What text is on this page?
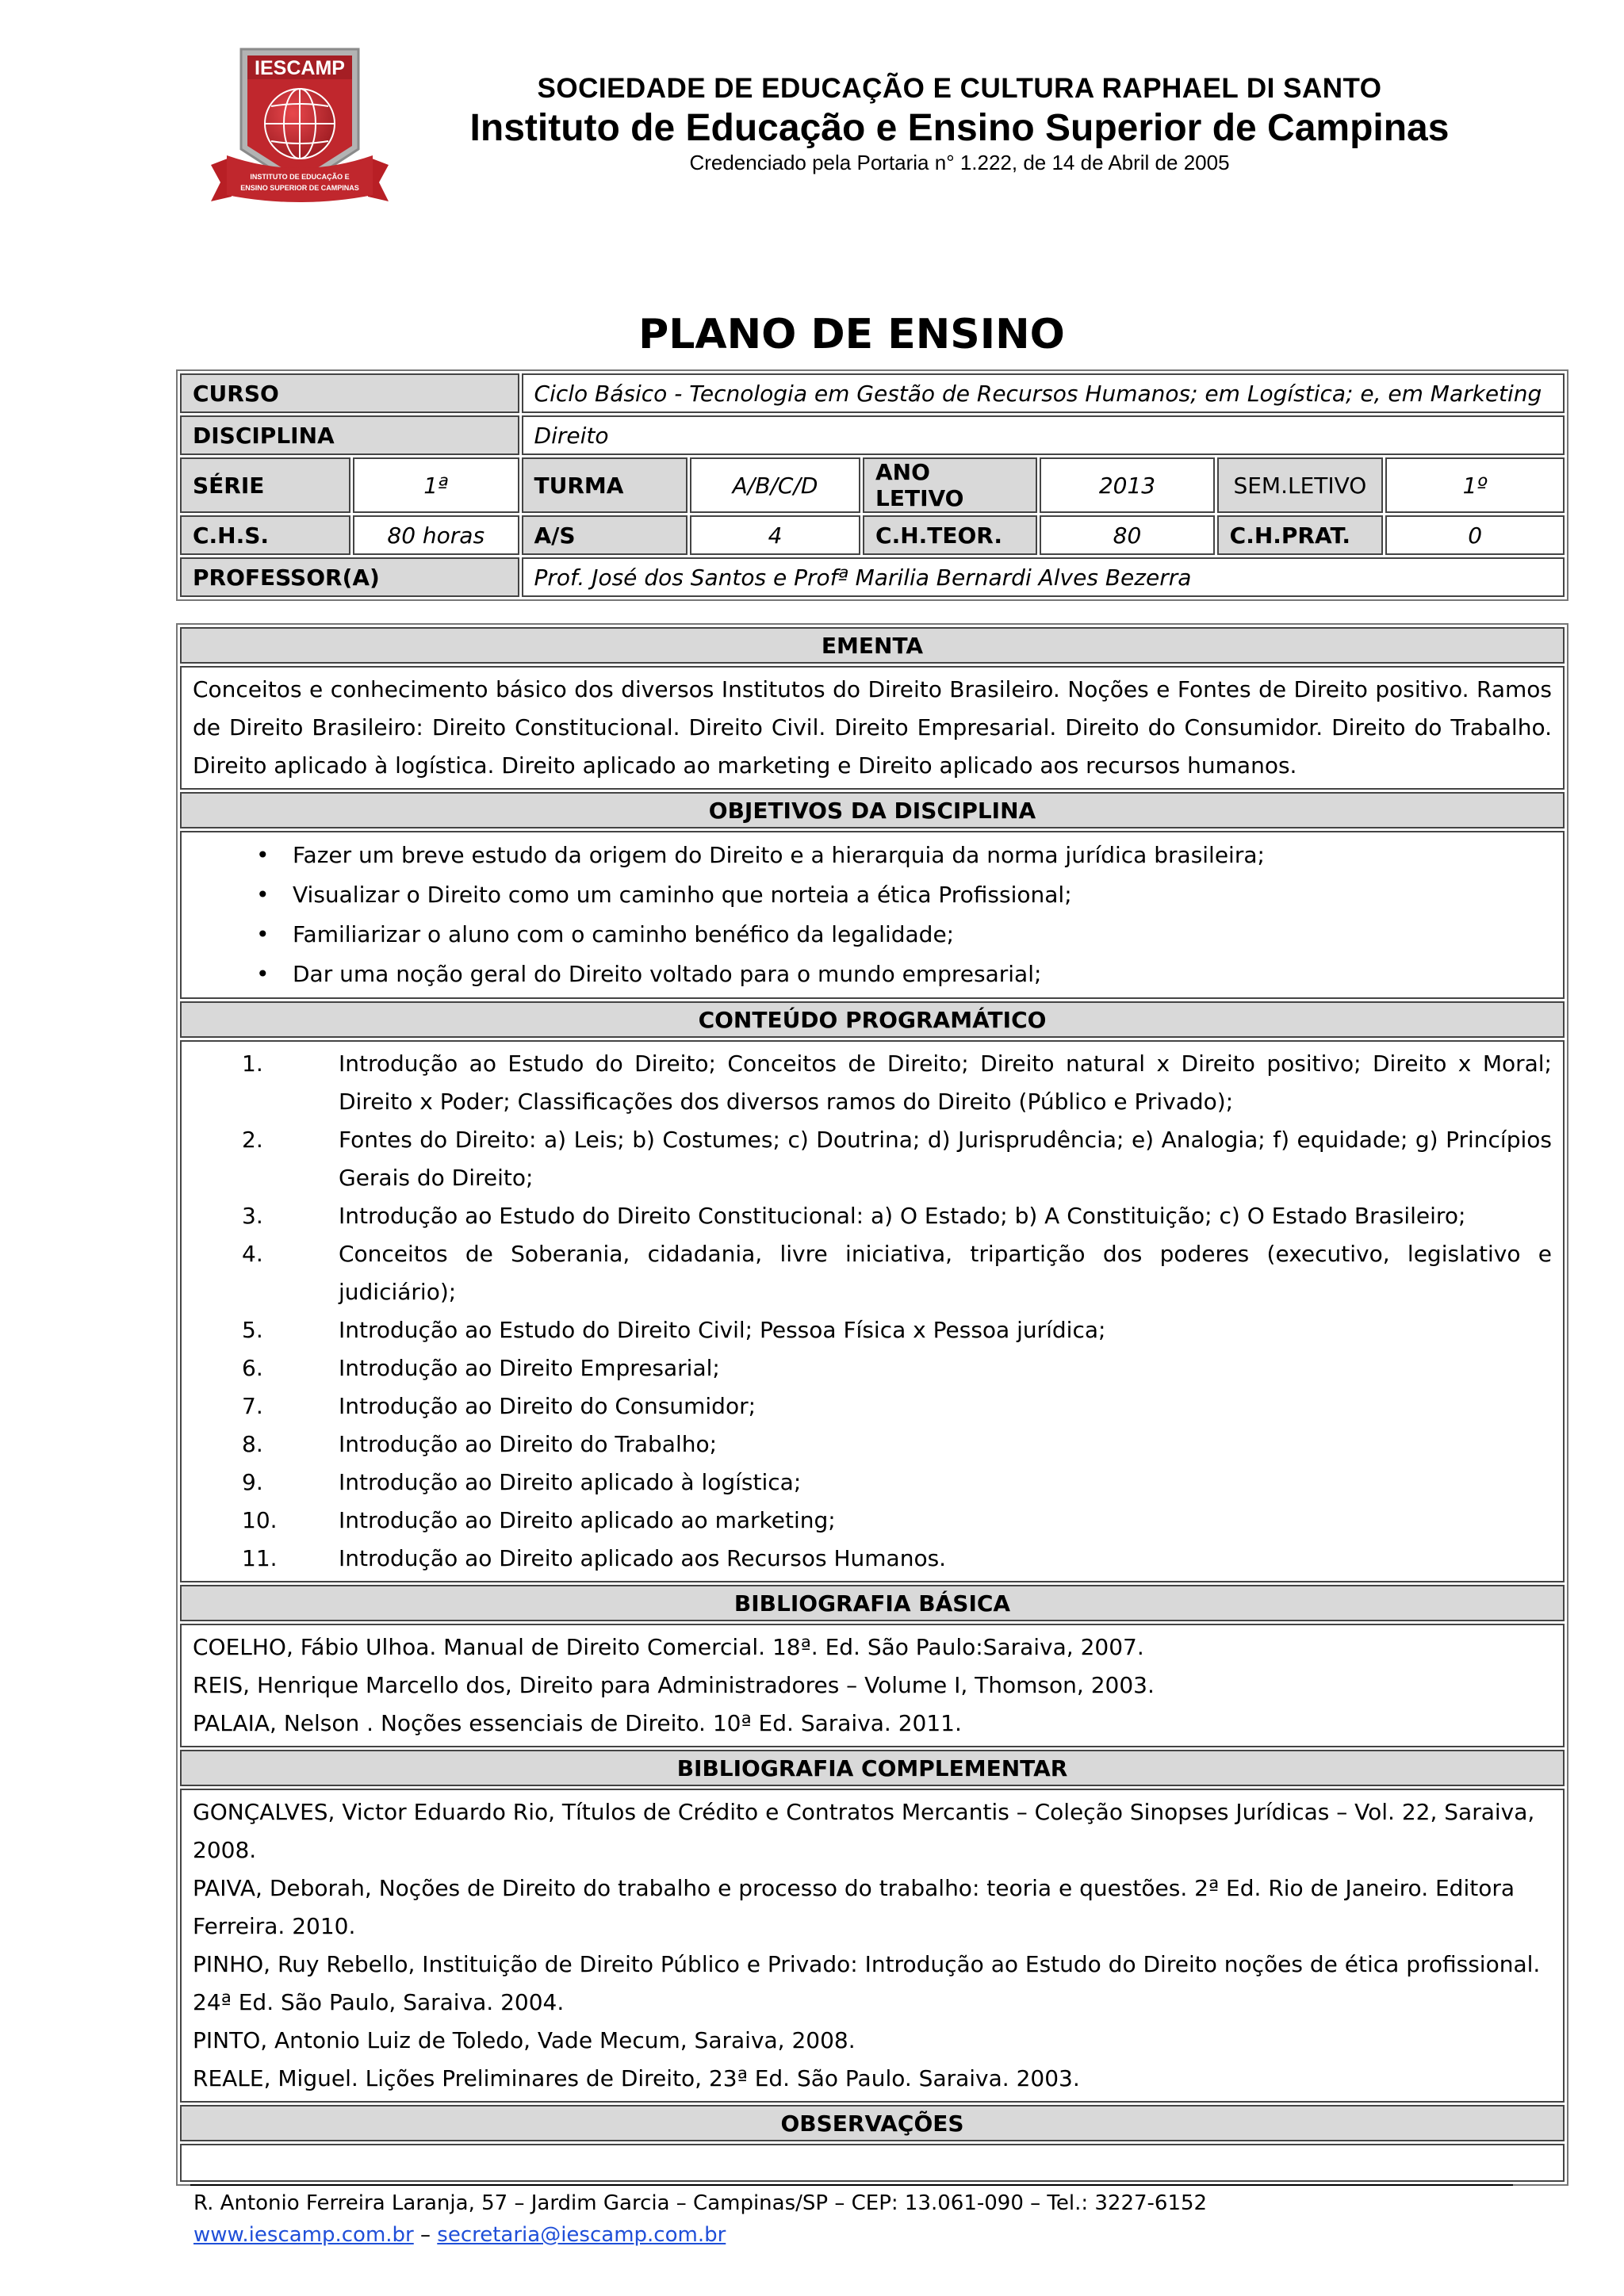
IESCAMP
INSTITUTO DE EDUCAÇÃO E
ENSINO SUPERIOR DE CAMPINAS
SOCIEDADE DE EDUCAÇÃO E CULTURA RAPHAEL DI SANTO
Instituto de Educação e Ensino Superior de Campinas
Credenciado pela Portaria n° 1.222, de 14 de Abril de 2005
PLANO DE ENSINO
CURSO		Ciclo Básico - Tecnologia em Gestão de Recursos Humanos; em Logística; e, em Marketing					
DISCIPLINA		Direito					
SÉRIE	1ª	TURMA	A/B/C/D	ANO LETIVO	2013	SEM.LETIVO	1º
C.H.S.	80 horas	A/S	4	C.H.TEOR.	80	C.H.PRAT.	0
PROFESSOR(A)		Prof. José dos Santos e Profª Marilia Bernardi Alves Bezerra					
EMENTA
Conceitos e conhecimento básico dos diversos Institutos do Direito Brasileiro. Noções e Fontes de Direito positivo. Ramos de Direito Brasileiro: Direito Constitucional. Direito Civil. Direito Empresarial. Direito do Consumidor. Direito do Trabalho. Direito aplicado à logística. Direito aplicado ao marketing e Direito aplicado aos recursos humanos.
OBJETIVOS DA DISCIPLINA

• Fazer um breve estudo da origem do Direito e a hierarquia da norma jurídica brasileira;
• Visualizar o Direito como um caminho que norteia a ética Profissional;
• Familiarizar o aluno com o caminho benéfico da legalidade;
• Dar uma noção geral do Direito voltado para o mundo empresarial;

CONTEÚDO PROGRAMÁTICO

1.	Introdução ao Estudo do Direito; Conceitos de Direito; Direito natural x Direito positivo; Direito x Moral; Direito x Poder; Classificações dos diversos ramos do Direito (Público e Privado);
2.	Fontes do Direito: a) Leis; b) Costumes; c) Doutrina; d) Jurisprudência; e) Analogia; f) equidade; g) Princípios Gerais do Direito;
3.	Introdução ao Estudo do Direito Constitucional: a) O Estado; b) A Constituição; c) O Estado Brasileiro;
4.	Conceitos de Soberania, cidadania, livre iniciativa, tripartição dos poderes (executivo, legislativo e judiciário);
5.	Introdução ao Estudo do Direito Civil; Pessoa Física x Pessoa jurídica;
6.	Introdução ao Direito Empresarial;
7.	Introdução ao Direito do Consumidor;
8.	Introdução ao Direito do Trabalho;
9.	Introdução ao Direito aplicado à logística;
10.	Introdução ao Direito aplicado ao marketing;
11.	Introdução ao Direito aplicado aos Recursos Humanos.

BIBLIOGRAFIA BÁSICA

COELHO, Fábio Ulhoa. Manual de Direito Comercial. 18ª. Ed. São Paulo:Saraiva, 2007.

REIS, Henrique Marcello dos, Direito para Administradores – Volume I, Thomson, 2003.

PALAIA, Nelson . Noções essenciais de Direito. 10ª Ed. Saraiva. 2011.

BIBLIOGRAFIA COMPLEMENTAR

GONÇALVES, Victor Eduardo Rio, Títulos de Crédito e Contratos Mercantis – Coleção Sinopses Jurídicas – Vol. 22, Saraiva, 2008.

PAIVA, Deborah, Noções de Direito do trabalho e processo do trabalho: teoria e questões. 2ª Ed. Rio de Janeiro. Editora Ferreira. 2010.

PINHO, Ruy Rebello, Instituição de Direito Público e Privado: Introdução ao Estudo do Direito noções de ética profissional. 24ª Ed. São Paulo, Saraiva. 2004.

PINTO, Antonio Luiz de Toledo, Vade Mecum, Saraiva, 2008.

REALE, Miguel. Lições Preliminares de Direito, 23ª Ed. São Paulo. Saraiva. 2003.

OBSERVAÇÕES

R. Antonio Ferreira Laranja, 57 – Jardim Garcia – Campinas/SP – CEP: 13.061-090 – Tel.: 3227-6152
www.iescamp.com.br – secretaria@iescamp.com.br
